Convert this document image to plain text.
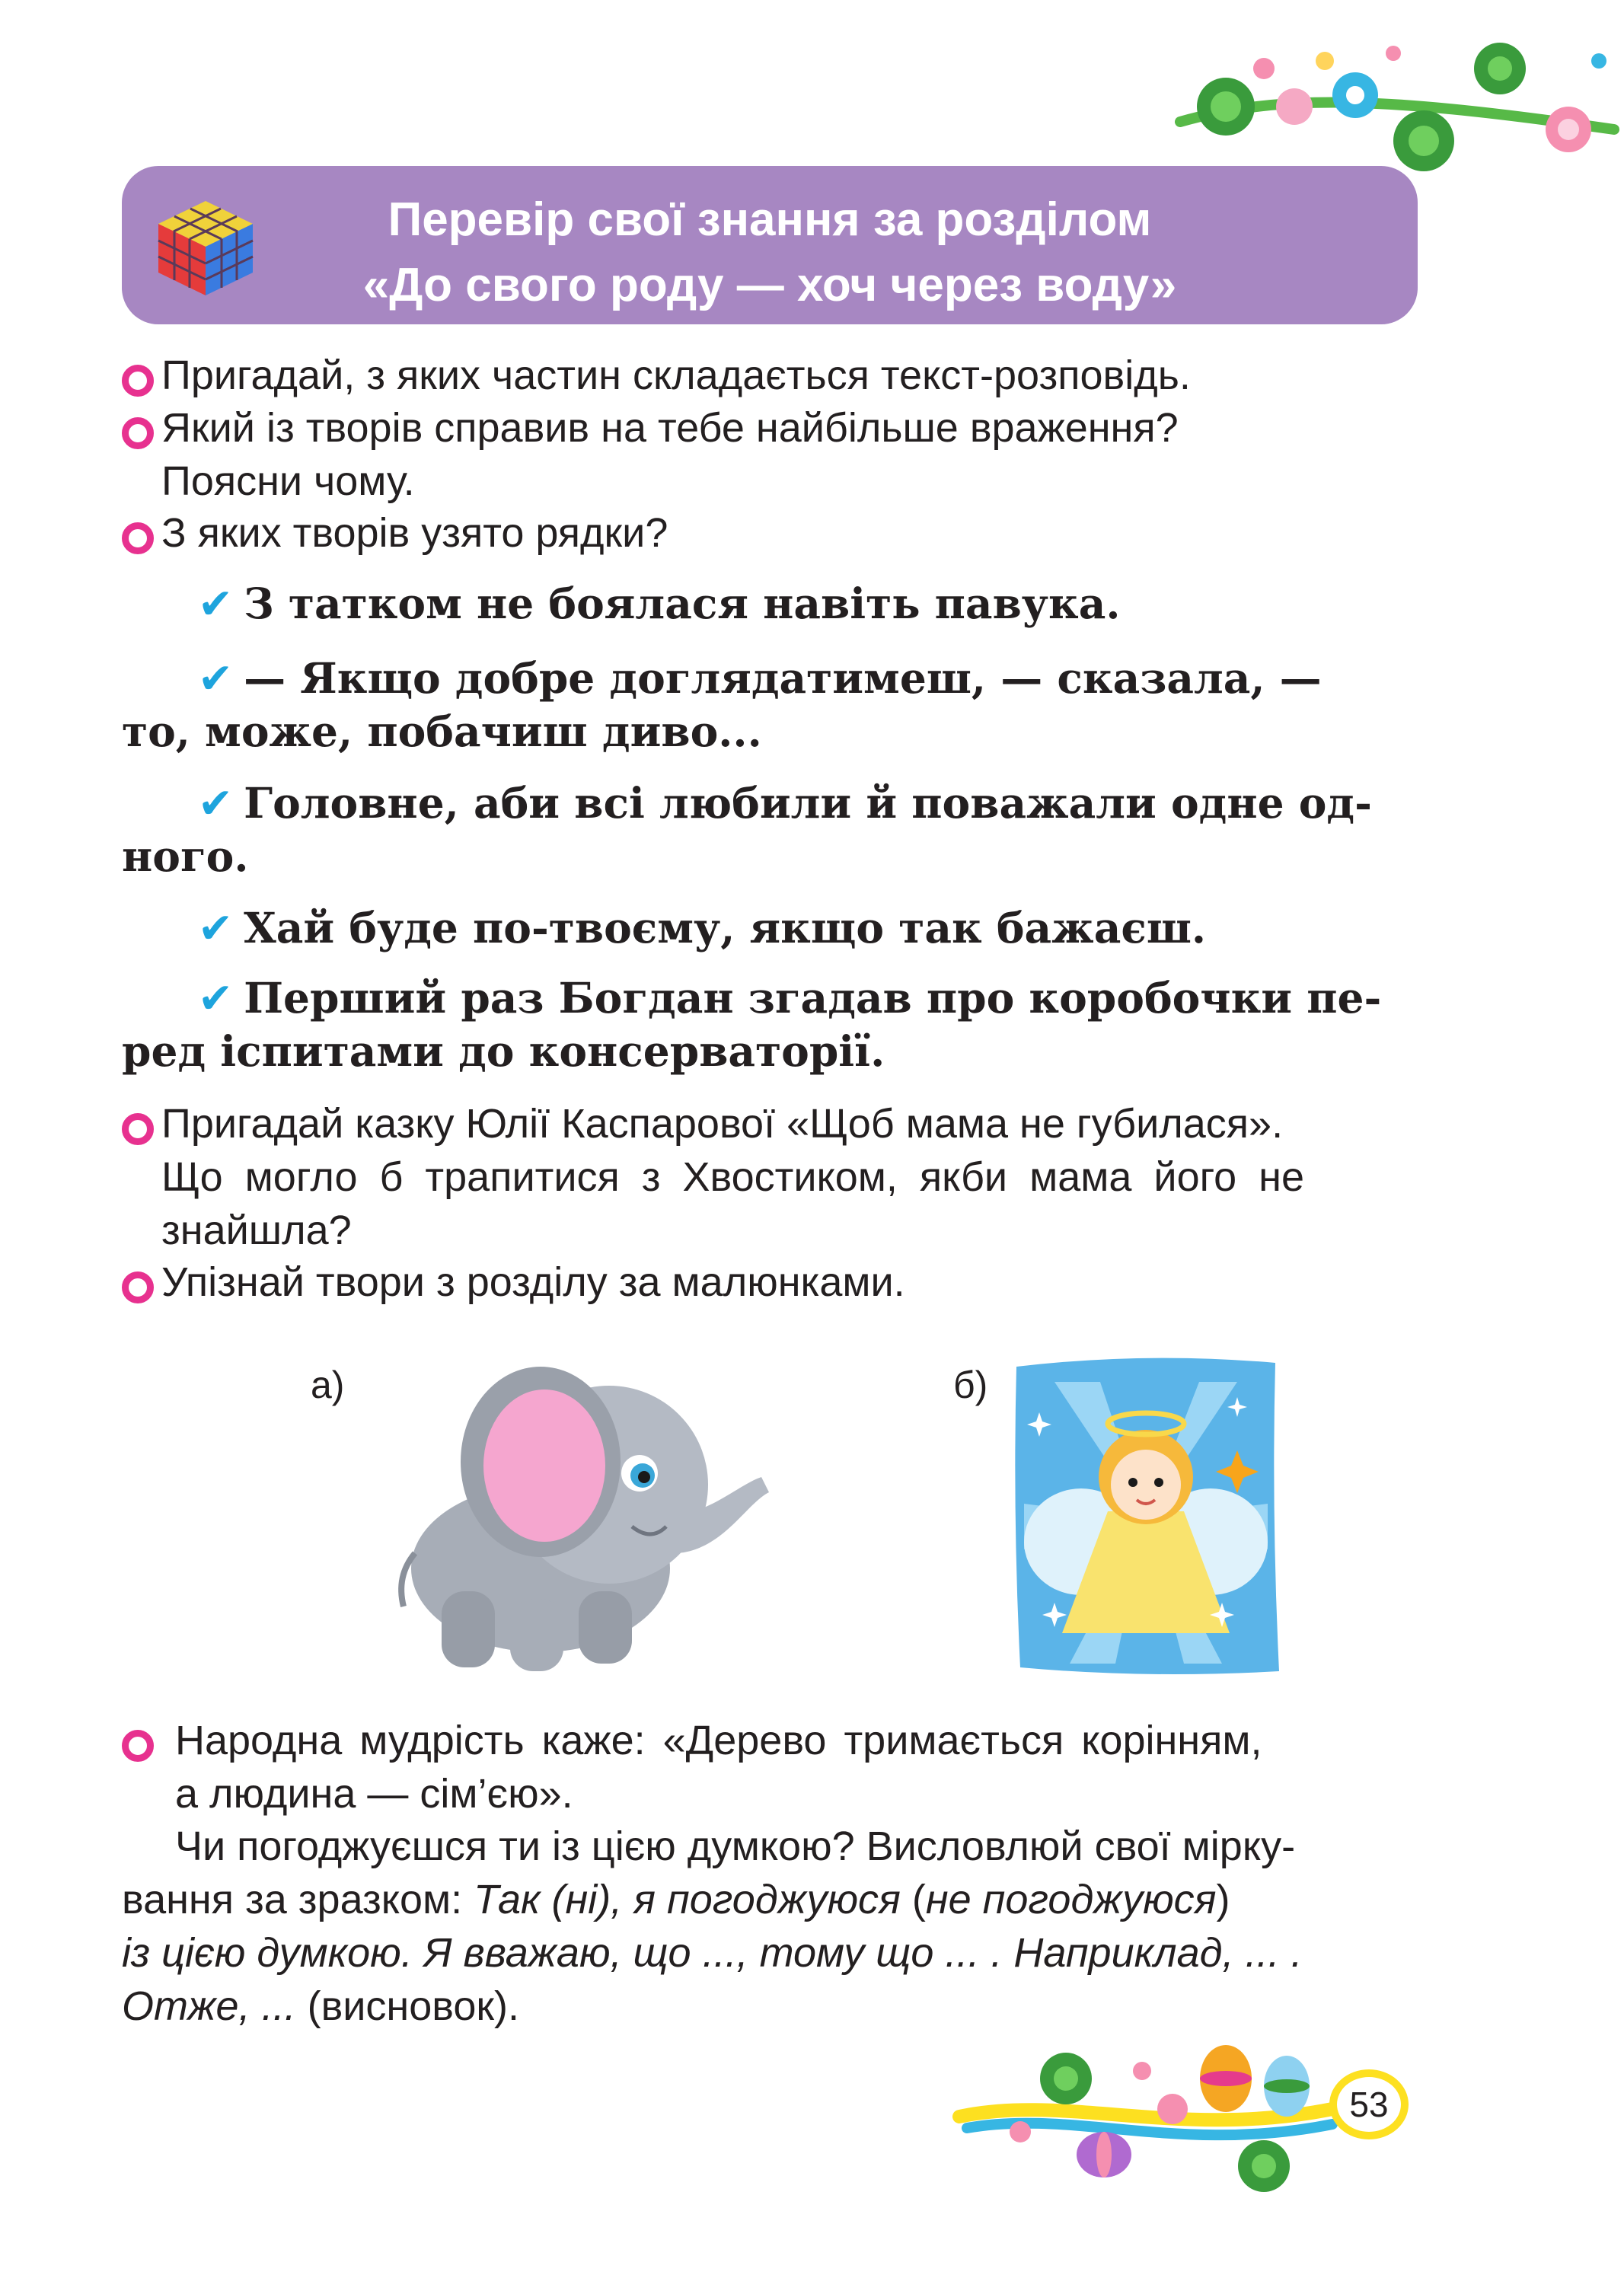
Перевір свої знання за розділом
«До свого роду — хоч через воду»
Пригадай, з яких частин складається текст-розповідь.
Який із творів справив на тебе найбільше враження?
Поясни чому.
З яких творів узято рядки?
✔ З татком не боялася навіть павука.
✔ — Якщо добре доглядатимеш, — сказала, —
то, може, побачиш диво...
✔ Головне, аби всі любили й поважали одне од-
ного.
✔ Хай буде по-твоєму, якщо так бажаєш.
✔ Перший раз Богдан згадав про коробочки пе-
ред іспитами до консерваторії.
Пригадай казку Юлії Каспарової «Щоб мама не губилася».
Що могло б трапитися з Хвостиком, якби мама його не
знайшла?
Упізнай твори з розділу за малюнками.
а)	б)
Народна мудрість каже: «Дерево тримається корінням,
а людина — сім’єю».
Чи погоджуєшся ти із цією думкою? Висловлюй свої мірку-
вання за зразком: Так (ні), я погоджуюся (не погоджуюся)
із цією думкою. Я вважаю, що ..., тому що ... . Наприклад, ... .
Отже, ... (висновок).
53
